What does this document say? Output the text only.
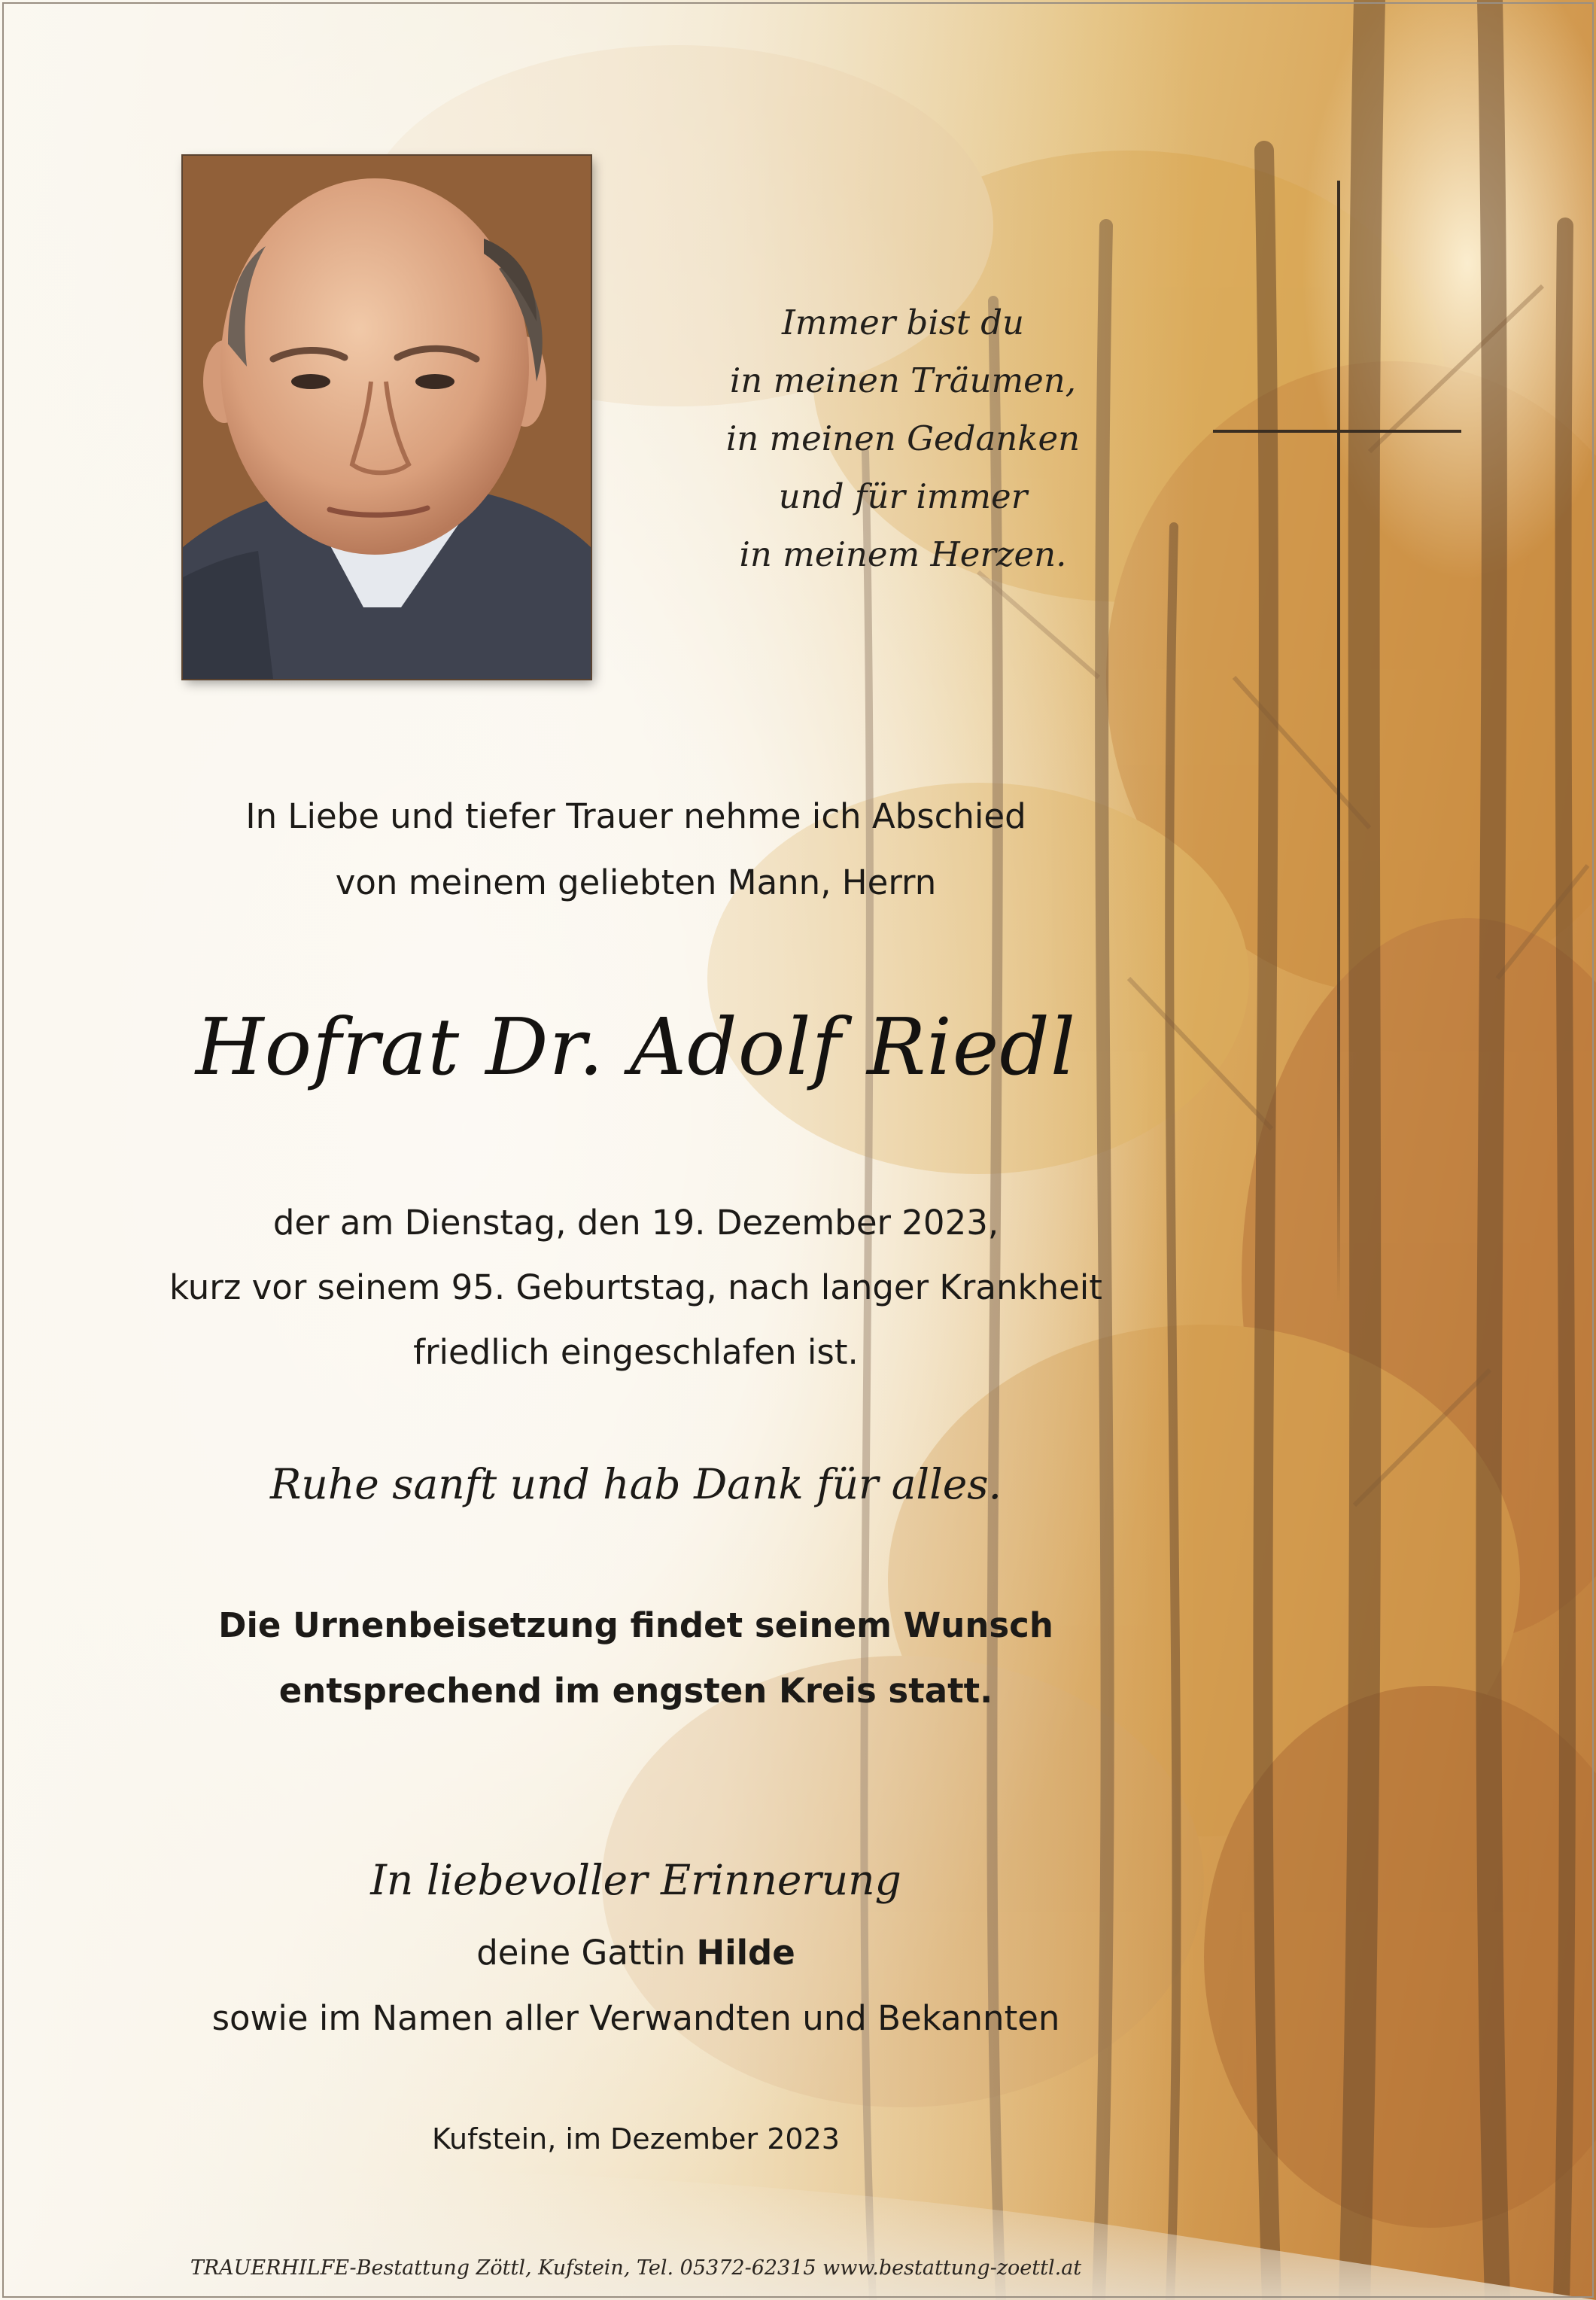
Immer bist du
in meinen Träumen,
in meinen Gedanken
und für immer
in meinem Herzen.
In Liebe und tiefer Trauer nehme ich Abschied
von meinem geliebten Mann, Herrn
Hofrat Dr. Adolf Riedl
der am Dienstag, den 19. Dezember 2023,
kurz vor seinem 95. Geburtstag, nach langer Krankheit
friedlich eingeschlafen ist.
Ruhe sanft und hab Dank für alles.
Die Urnenbeisetzung findet seinem Wunsch
entsprechend im engsten Kreis statt.
In liebevoller Erinnerung
deine Gattin Hilde
sowie im Namen aller Verwandten und Bekannten
Kufstein, im Dezember 2023
TRAUERHILFE-Bestattung Zöttl, Kufstein, Tel. 05372-62315 www.bestattung-zoettl.at
